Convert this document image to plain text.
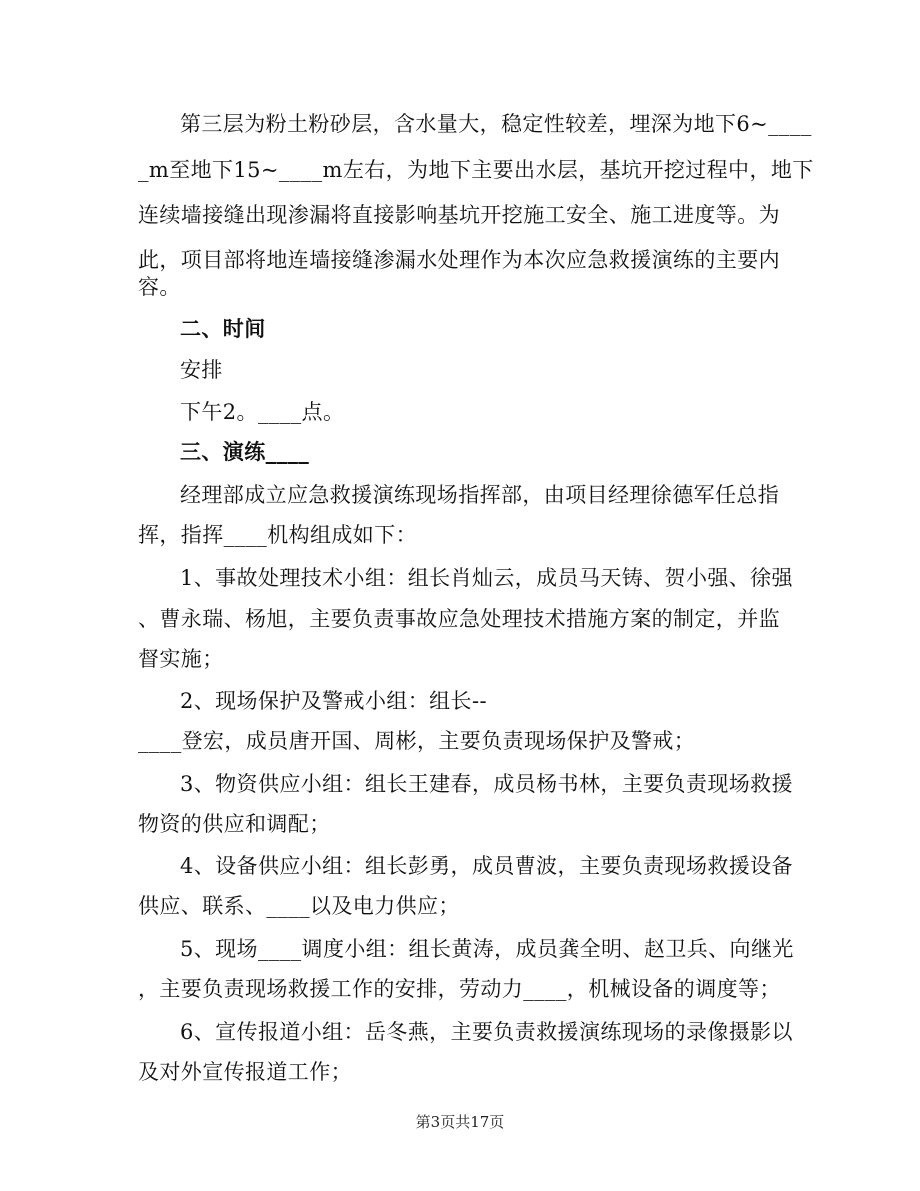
第三层为粉土粉砂层，含水量大，稳定性较差，埋深为地下6~____
_m至地下15~____m左右，为地下主要出水层，基坑开挖过程中，地下
连续墙接缝出现渗漏将直接影响基坑开挖施工安全、施工进度等。为
此，项目部将地连墙接缝渗漏水处理作为本次应急救援演练的主要内
容。
二、时间
安排
下午2。____点。
三、演练____
经理部成立应急救援演练现场指挥部，由项目经理徐德军任总指
挥，指挥____机构组成如下：
1、事故处理技术小组：组长肖灿云，成员马天铸、贺小强、徐强
、曹永瑞、杨旭，主要负责事故应急处理技术措施方案的制定，并监
督实施；
2、现场保护及警戒小组：组长--
____登宏，成员唐开国、周彬，主要负责现场保护及警戒；
3、物资供应小组：组长王建春，成员杨书林，主要负责现场救援
物资的供应和调配；
4、设备供应小组：组长彭勇，成员曹波，主要负责现场救援设备
供应、联系、____以及电力供应；
5、现场____调度小组：组长黄涛，成员龚全明、赵卫兵、向继光
，主要负责现场救援工作的安排，劳动力____，机械设备的调度等；
6、宣传报道小组：岳冬燕，主要负责救援演练现场的录像摄影以
及对外宣传报道工作；
第3页共17页
